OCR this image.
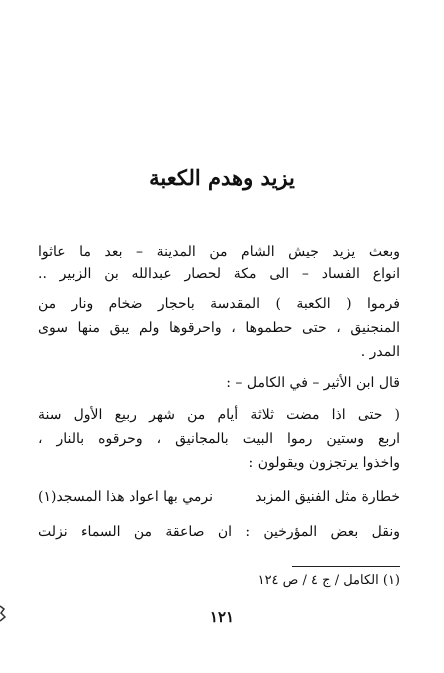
يزيد وهدم الكعبة
وبعث يزيد جيش الشام من المدينة – بعد ما عاثوا
انواع الفساد – الى مكة لحصار عبدالله بن الزبير ..
فرموا ( الكعبة ) المقدسة باحجار ضخام ونار من
المنجنيق ، حتى حطموها ، واحرقوها ولم يبق منها سوى
المدر .
قال ابن الأثير – في الكامل – :
( حتى اذا مضت ثلاثة أيام من شهر ربيع الأول سنة
اربع وستين رموا البيت بالمجانيق ، وحرقوه بالنار ،
واخذوا يرتجزون ويقولون :
خطارة مثل الفنيق المزبد
نرمي بها اعواد هذا المسجد(١)
ونقل بعض المؤرخين : ان صاعقة من السماء نزلت
(١) الكامل / ج ٤ / ص ١٢٤
١٢١
